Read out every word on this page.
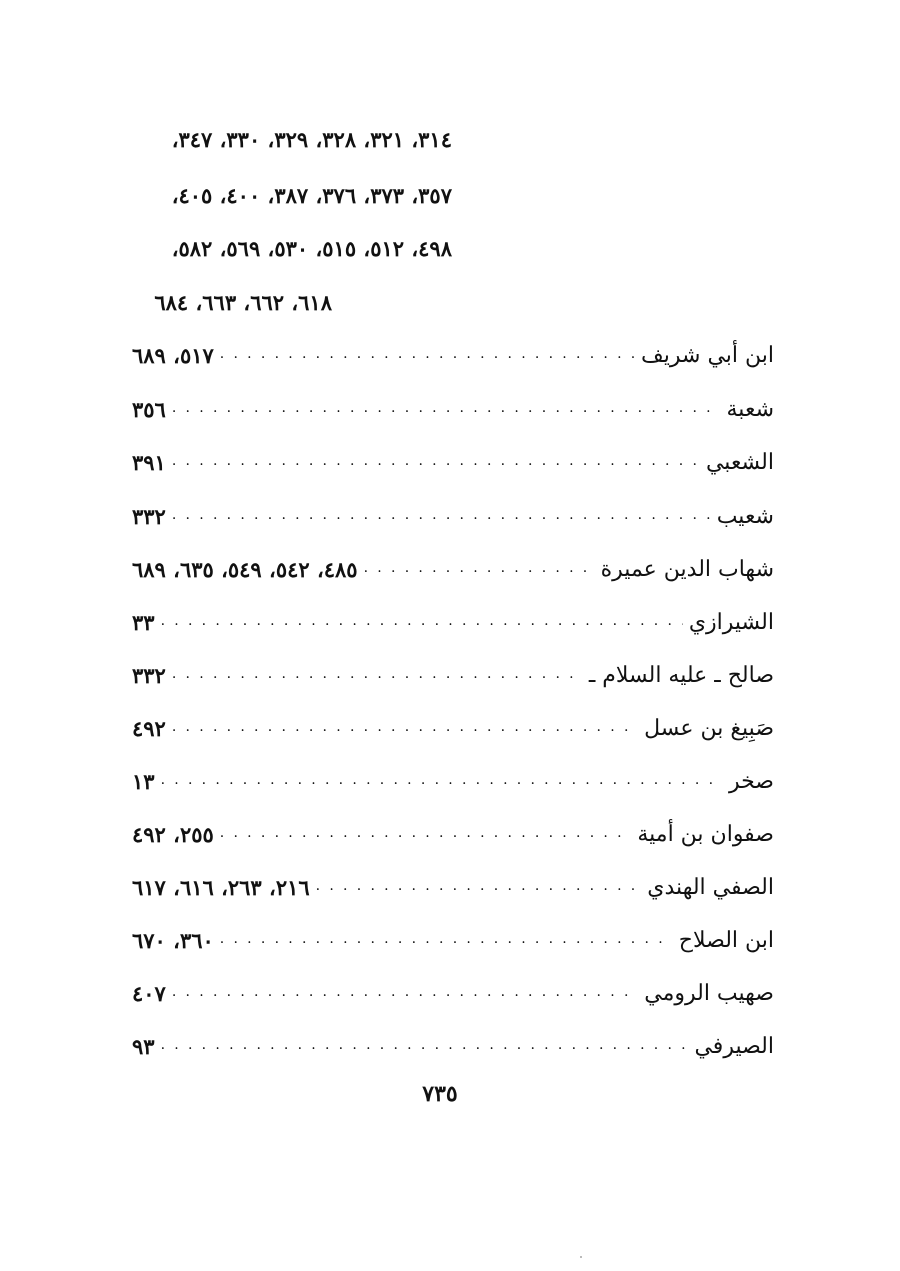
٣١٤، ٣٢١، ٣٢٨، ٣٢٩، ٣٣٠، ٣٤٧،
٣٥٧، ٣٧٣، ٣٧٦، ٣٨٧، ٤٠٠، ٤٠٥،
٤٩٨، ٥١٢، ٥١٥، ٥٣٠، ٥٦٩، ٥٨٢،
٦١٨، ٦٦٢، ٦٦٣، ٦٨٤
ابن أبي شريف
. . .
٥١٧، ٦٨٩
شعبة
. . .
٣٥٦
الشعبي
. . .
٣٩١
شعيب
. . .
٣٣٢
شهاب الدين عميرة
. . .
٤٨٥، ٥٤٢، ٥٤٩، ٦٣٥، ٦٨٩
الشيرازي
. . .
٣٣
صالح ـ عليه السلام ـ
. . .
٣٣٢
صَبِيغ بن عسل
. . .
٤٩٢
صخر
. . .
١٣
صفوان بن أمية
. . .
٢٥٥، ٤٩٢
الصفي الهندي
. . .
٢١٦، ٢٦٣، ٦١٦، ٦١٧
ابن الصلاح
. . .
٣٦٠، ٦٧٠
صهيب الرومي
. . .
٤٠٧
الصيرفي
. . .
٩٣
٧٣٥
